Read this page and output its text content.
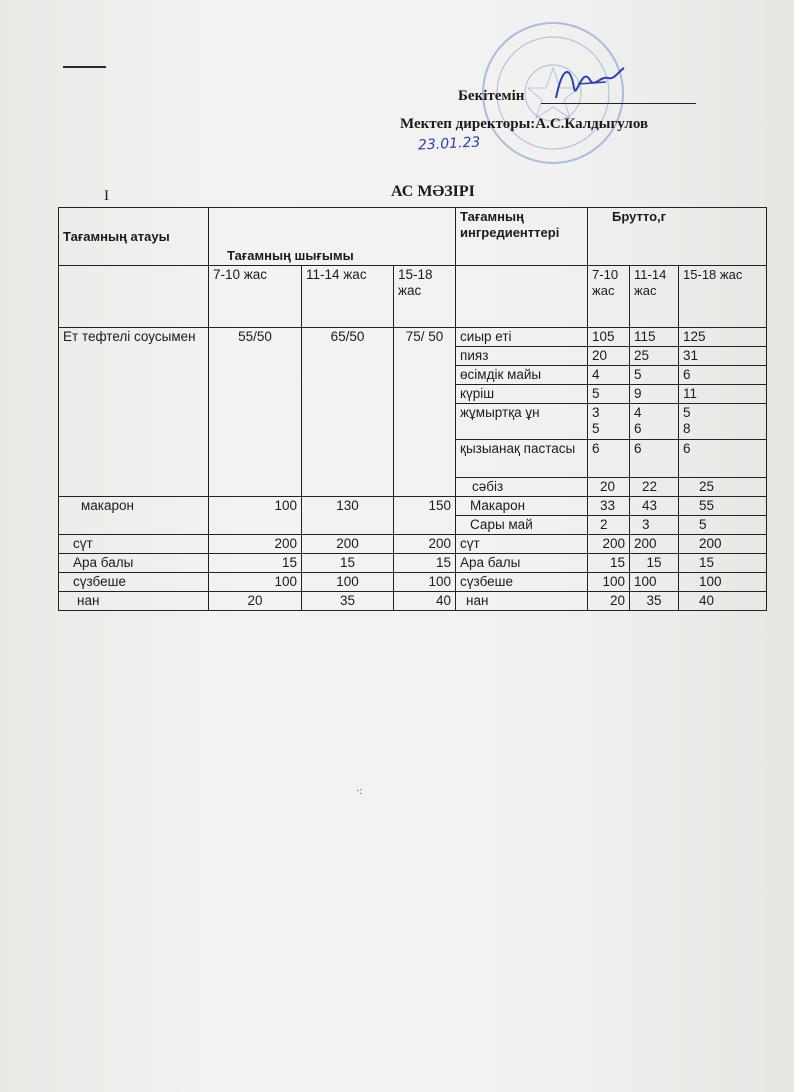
Бекітемін
Мектеп директоры:А.С.Калдыгулов
23.01.23
I	АС МӘЗІРІ
Тағамның атауы	Тағамның шығымы			Тағамның ингредиенттері	Брутто,г		
	7-10 жас	11-14 жас	15-18 жас		7-10 жас	11-14 жас	15-18 жас
Ет тефтелі соусымен	55/50	65/50	75/ 50	сиыр еті	105	115	125
				пияз	20	25	31
				өсімдік майы	4	5	6
				күріш	5	9	11
				жұмыртқа ұн	3 5	4 6	5 8
				қызыанақ пастасы	6	6	6
				сәбіз	20	22	25
макарон	100	130	150	Макарон	33	43	55
				Сары май	2	3	5
сүт	200	200	200	сүт	200	200	200
Ара балы	15	15	15	Ара балы	15	15	15
сүзбеше	100	100	100	сүзбеше	100	100	100
нан	20	35	40	нан	20	35	40
·:
